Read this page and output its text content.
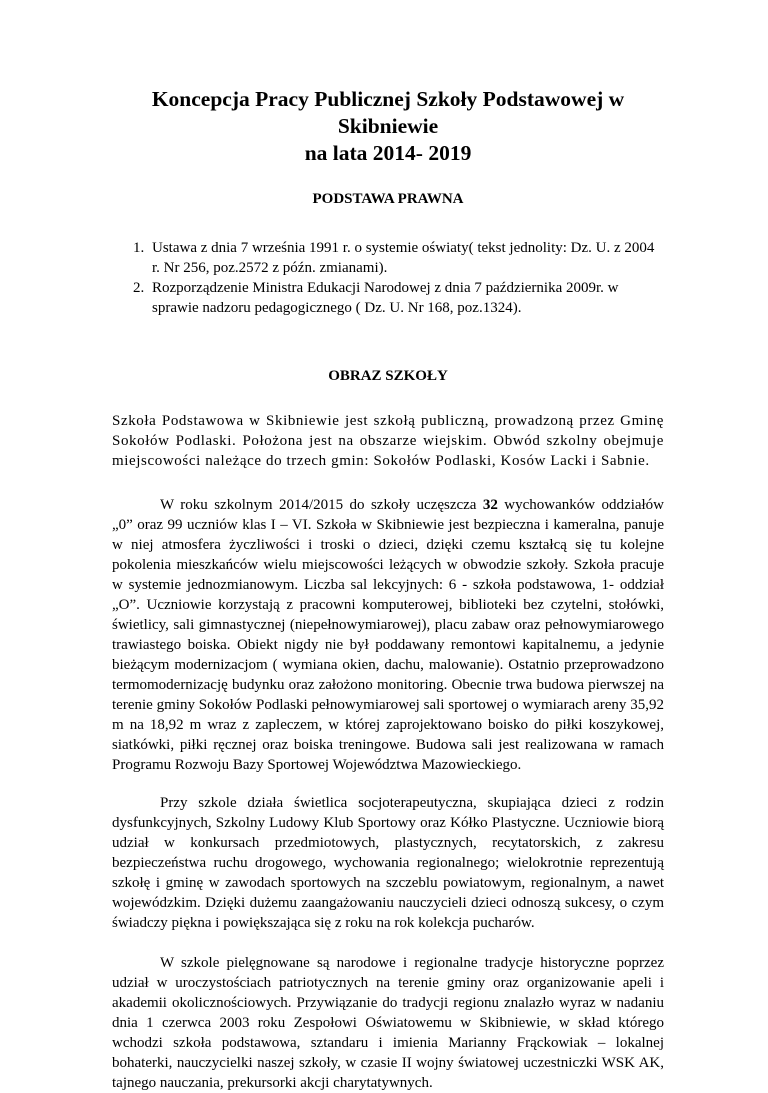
Koncepcja Pracy Publicznej Szkoły Podstawowej w Skibniewie
na lata 2014- 2019

PODSTAWA PRAWNA

1. Ustawa z dnia 7 września 1991 r. o systemie oświaty( tekst jednolity: Dz. U. z 2004 r. Nr 256, poz.2572 z późn. zmianami).
2. Rozporządzenie Ministra Edukacji Narodowej z dnia 7 października 2009r. w sprawie nadzoru pedagogicznego ( Dz. U. Nr 168, poz.1324).

OBRAZ SZKOŁY

Szkoła Podstawowa w Skibniewie jest szkołą publiczną, prowadzoną przez Gminę Sokołów Podlaski. Położona jest na obszarze wiejskim. Obwód szkolny obejmuje miejscowości należące do trzech gmin: Sokołów Podlaski, Kosów Lacki i Sabnie.

W roku szkolnym 2014/2015 do szkoły uczęszcza 32 wychowanków oddziałów „0” oraz 99 uczniów klas I – VI. Szkoła w Skibniewie jest bezpieczna i kameralna, panuje w niej atmosfera życzliwości i troski o dzieci, dzięki czemu kształcą się tu kolejne pokolenia mieszkańców wielu miejscowości leżących w obwodzie szkoły. Szkoła pracuje w systemie jednozmianowym. Liczba sal lekcyjnych: 6 - szkoła podstawowa, 1- oddział „O”. Uczniowie korzystają z pracowni komputerowej, biblioteki bez czytelni, stołówki, świetlicy, sali gimnastycznej (niepełnowymiarowej), placu zabaw oraz pełnowymiarowego trawiastego boiska. Obiekt nigdy nie był poddawany remontowi kapitalnemu, a jedynie bieżącym modernizacjom ( wymiana okien, dachu, malowanie). Ostatnio przeprowadzono termomodernizację budynku oraz założono monitoring. Obecnie trwa budowa pierwszej na terenie gminy Sokołów Podlaski pełnowymiarowej sali sportowej o wymiarach areny 35,92 m na 18,92 m wraz z zapleczem, w której zaprojektowano boisko do piłki koszykowej, siatkówki, piłki ręcznej oraz boiska treningowe. Budowa sali jest realizowana w ramach Programu Rozwoju Bazy Sportowej Województwa Mazowieckiego.

Przy szkole działa świetlica socjoterapeutyczna, skupiająca dzieci z rodzin dysfunkcyjnych, Szkolny Ludowy Klub Sportowy oraz Kółko Plastyczne. Uczniowie biorą udział w konkursach przedmiotowych, plastycznych, recytatorskich, z zakresu bezpieczeństwa ruchu drogowego, wychowania regionalnego; wielokrotnie reprezentują szkołę i gminę w zawodach sportowych na szczeblu powiatowym, regionalnym, a nawet wojewódzkim. Dzięki dużemu zaangażowaniu nauczycieli dzieci odnoszą sukcesy, o czym świadczy piękna i powiększająca się z roku na rok kolekcja pucharów.

W szkole pielęgnowane są narodowe i regionalne tradycje historyczne poprzez udział w uroczystościach patriotycznych na terenie gminy oraz organizowanie apeli i akademii okolicznościowych. Przywiązanie do tradycji regionu znalazło wyraz w nadaniu dnia 1 czerwca 2003 roku Zespołowi Oświatowemu w Skibniewie, w skład którego wchodzi szkoła podstawowa, sztandaru i imienia Marianny Frąckowiak – lokalnej bohaterki, nauczycielki naszej szkoły, w czasie II wojny światowej uczestniczki WSK AK, tajnego nauczania, prekursorki akcji charytatywnych.
